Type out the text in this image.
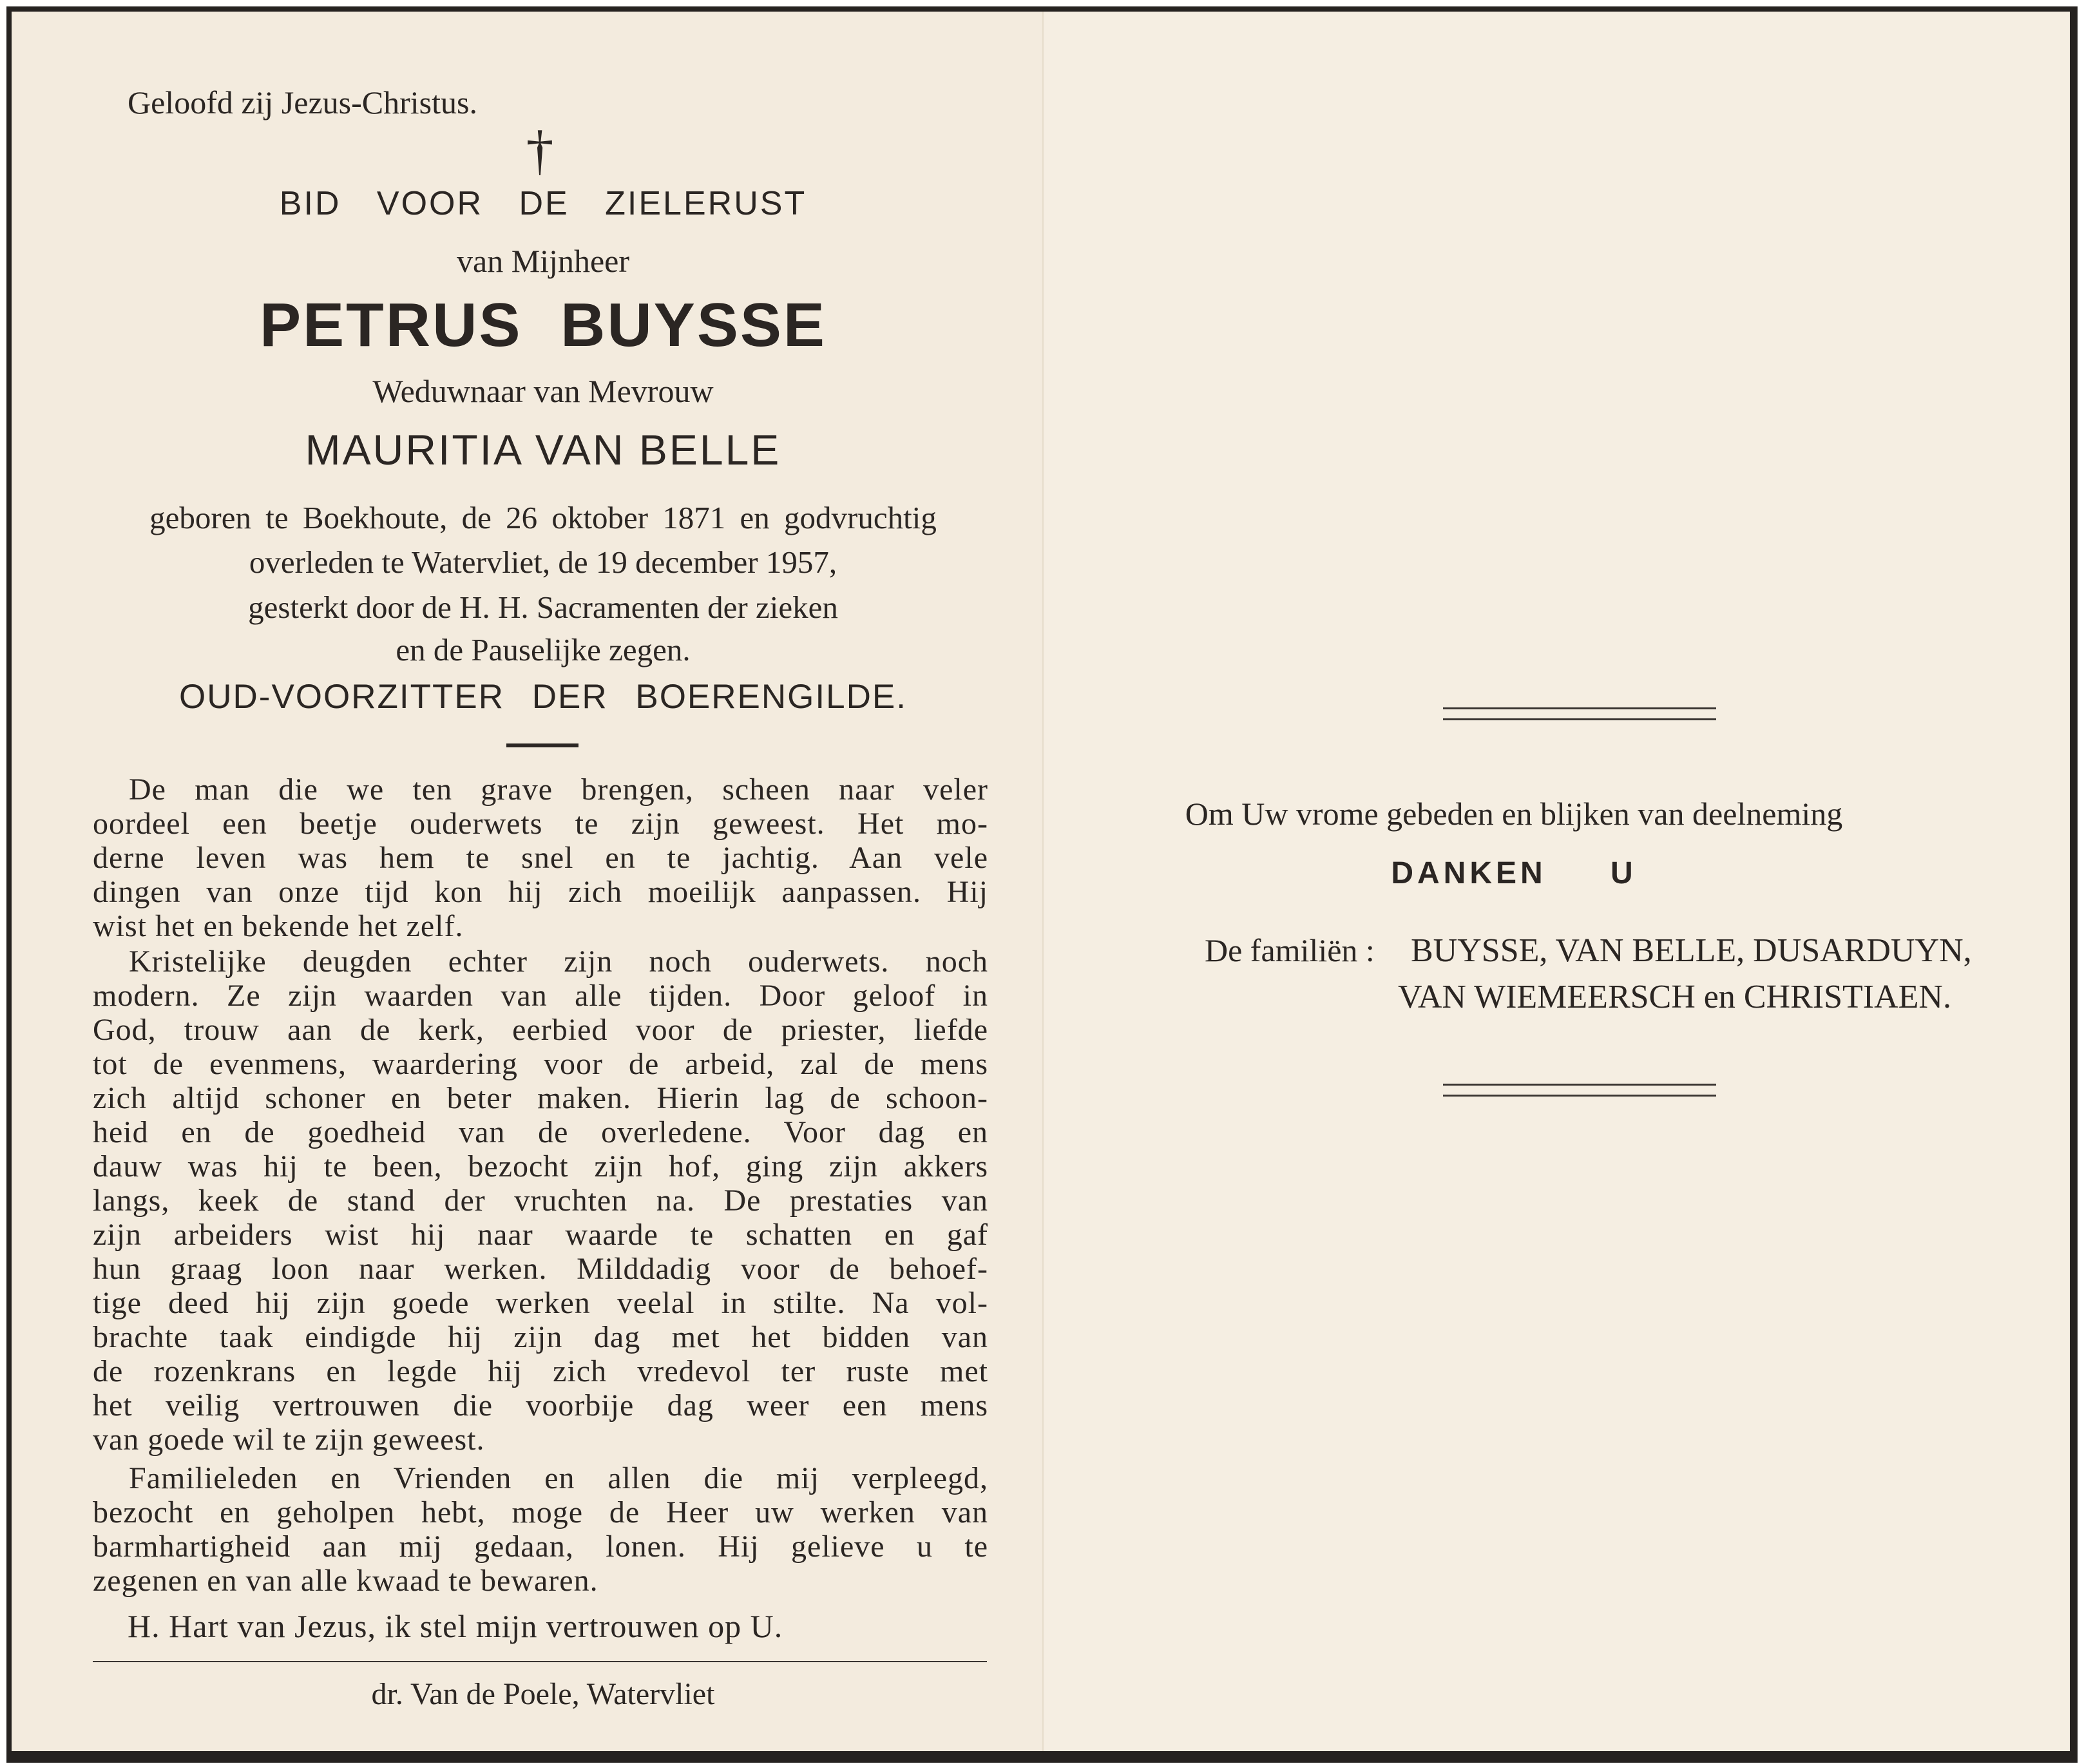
Geloofd zij Jezus-Christus.
†
BID VOOR DE ZIELERUST
van Mijnheer
PETRUS BUYSSE
Weduwnaar van Mevrouw
MAURITIA VAN BELLE
geboren te Boekhoute, de 26 oktober 1871 en godvruchtig
overleden te Watervliet, de 19 december 1957,
gesterkt door de H. H. Sacramenten der zieken
en de Pauselijke zegen.
OUD-VOORZITTER DER BOERENGILDE.
De man die we ten grave brengen, scheen naar veler
oordeel een beetje ouderwets te zijn geweest. Het mo-
derne leven was hem te snel en te jachtig. Aan vele
dingen van onze tijd kon hij zich moeilijk aanpassen. Hij
wist het en bekende het zelf.
Kristelijke deugden echter zijn noch ouderwets. noch
modern. Ze zijn waarden van alle tijden. Door geloof in
God, trouw aan de kerk, eerbied voor de priester, liefde
tot de evenmens, waardering voor de arbeid, zal de mens
zich altijd schoner en beter maken. Hierin lag de schoon-
heid en de goedheid van de overledene. Voor dag en
dauw was hij te been, bezocht zijn hof, ging zijn akkers
langs, keek de stand der vruchten na. De prestaties van
zijn arbeiders wist hij naar waarde te schatten en gaf
hun graag loon naar werken. Milddadig voor de behoef-
tige deed hij zijn goede werken veelal in stilte. Na vol-
brachte taak eindigde hij zijn dag met het bidden van
de rozenkrans en legde hij zich vredevol ter ruste met
het veilig vertrouwen die voorbije dag weer een mens
van goede wil te zijn geweest.
Familieleden en Vrienden en allen die mij verpleegd,
bezocht en geholpen hebt, moge de Heer uw werken van
barmhartigheid aan mij gedaan, lonen. Hij gelieve u te
zegenen en van alle kwaad te bewaren.
H. Hart van Jezus, ik stel mijn vertrouwen op U.
dr. Van de Poele, Watervliet
Om Uw vrome gebeden en blijken van deelneming
DANKEN U
De familiën : BUYSSE, VAN BELLE, DUSARDUYN,
VAN WIEMEERSCH en CHRISTIAEN.
